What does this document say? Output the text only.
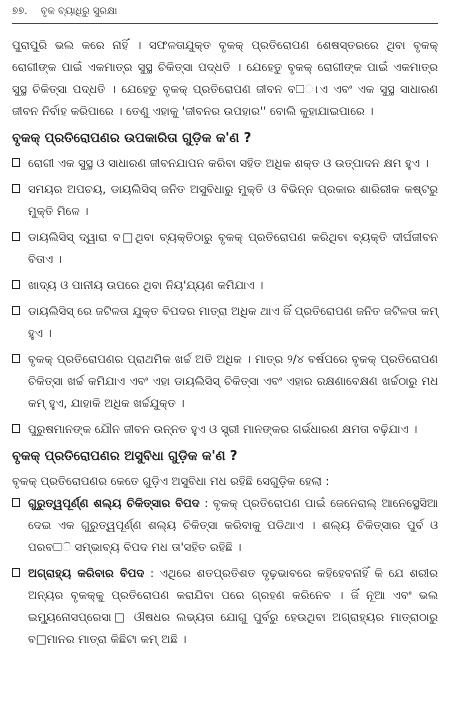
୭୭. ବୃକ ବ୍ୟାଧିରୁ ସୁରକ୍ଷା

ପୁରାପୁରି ଭଲ କରେ ନାହିଁ । ସଫଳତାଯୁକ୍ତ ବୃକକ୍ ପ୍ରତିରୋପଣ ଶେଷସ୍ତରରେ ଥିବା ବୃକକ୍ ରୋଗୀଙ୍କ ପାଇଁ ଏକମାତ୍ର ସୁସ୍ଥ ଚିକିତ୍ସା ପଦ୍ଧତି । ଯେହେତୁ ବୃକକ୍ ରୋଗୀଙ୍କ ପାଇଁ ଏକମାତ୍ର ସୁସ୍ଥ ଚିକିତ୍ସା ପଦ୍ଧତି । ଯେହେତୁ ବୃକକ୍ ପ୍ରତିରୋପଣ ଜୀବନ ବ□ାଏ ଏବଂ ଏକ ସୁସ୍ଥ ସାଧାରଣ ଜୀବନ ନିର୍ବାହ କରିପାରେ । ତେଣୁ ଏହାକୁ 'ଜୀବନର ଉପହାର'' ବୋଲି କୁହାଯାଇପାରେ ।

ବୃକକ୍ ପ୍ରତିରୋପଣର ଉପକାରିତା ଗୁଡ଼ିକ କ'ଣ ?
ରୋଗୀ ଏକ ସୁସ୍ଥ ଓ ସାଧାରଣ ଜୀବନଯାପନ କରିବା ସହିତ ଅଧିକ ଶକ୍ତ ଓ ଉତ୍ପାଦନ କ୍ଷମ ହୁଏ ।
ସମୟର ଅପଚୟ, ଡାୟଲିସିସ୍ ଜନିତ ଅସୁବିଧାରୁ ମୁକ୍ତି ଓ ବିଭିନ୍ନ ପ୍ରକାର ଶାରିରୀକ କଷ୍ଟରୁ ମୁକ୍ତି ମିଳେ ।
ଡାୟଲିସିସ୍ ଦ୍ୱାରା ବ□ଥିବା ବ୍ୟକ୍ତିଠାରୁ ବୃକକ୍ ପ୍ରତିରୋପଣ କରିଥିବା ବ୍ୟକ୍ତି ଦୀର୍ଘଜୀବନ ବିତାଏ ।
ଖାଦ୍ୟ ଓ ପାନୀୟ ଉପରେ ଥିବା ନିୟ'ଯ୍ୟଣ କମିଯାଏ ।
ଡାୟଲିସିସ୍ ରେ ଜଟିଳତା ଯୁକ୍ତ ବିପଦର ମାତ୍ରା ଅଧିକ ଥାଏ ଜିଁ ପ୍ରତିରୋପଣ ଜନିତ ଜଟିଳତା କମ୍ ହୁଏ ।
ବୃକକ୍ ପ୍ରତିରୋପଣର ପ୍ରାଥମିକ ଖର୍ଚ୍ଚ ଅତି ଅଧିକ । ମାତ୍ର ୨/୪ ବର୍ଷପରେ ବୃକକ୍ ପ୍ରତିରୋପଣ ଚିକିତ୍ସା ଖର୍ଚ୍ଚ କମିଯାଏ ଏବଂ ଏହା ଡାୟଲିସିସ୍ ଚିକିତ୍ସା ଏବଂ ଏହାର ରକ୍ଷଣାବେକ୍ଷଣ ଖର୍ଚ୍ଚଠାରୁ ମଧ କମ୍ ହୁଏ, ଯାହାକି ଅଧିକ ଖର୍ଚ୍ଚଯୁକ୍ତ ।
ପୁରୁଷମାନଙ୍କ ଯୌନ ଜୀବନ ଉନ୍ନତ ହୁଏ ଓ ସ୍ତ୍ରୀ ମାନଙ୍କର ଗର୍ଭଧାରଣ କ୍ଷମତା ବଢ଼ିଯାଏ ।
ବୃକକ୍ ପ୍ରତିରୋପଣର ଅସୁବିଧା ଗୁଡ଼ିକ କ'ଣ ?

ବୃକକ୍ ପ୍ରତିରୋପଣର କେତେ ଗୁଡ଼ିଏ ଅସୁବିଧା ମଧ ରହିଛି ସେଗୁଡ଼ିକ ହେଲା :

ଗୁରୁତ୍ୱପୂର୍ଣ୍ଣ ଶଲ୍ୟ ଚିକିତ୍ସାର ବିପଦ : ବୃକକ୍ ପ୍ରତିରୋପଣ ପାଇଁ ଜେନେରାଲ୍ ଆନେସ୍ଥେସିଆ ଦେଇ ଏକ ଗୁରୁତ୍ୱପୂର୍ଣ୍ଣ ଶଲ୍ୟ ଚିକିତ୍ସା କରିବାକୁ ପଡିଥାଏ । ଶଲ୍ୟ ଚିକିତ୍ସାର ପୁର୍ବ ଓ ପରବ□ି ସମ୍ଭାବ୍ୟ ବିପଦ ମଧ ତା'ସହିତ ରହିଛି ।
ଅଗ୍ରାହ୍ୟ କରିବାର ବିପଦ : ଏଥିରେ ଶତପ୍ରତିଶତ ଦୃଢ଼ଭାବରେ କହିହେବନାହିଁ କି ଯେ ଶରୀର ଅନ୍ୟର ବୃକକ୍କୁ ପ୍ରତିରୋପଣ କରାଯିବା ପରେ ଗ୍ରହଣ କରିନେବ । ଜିଁ ନୂଆ ଏବଂ ଭଲ ଇମ୍ୟୁନୋସପ୍ରେସା□ ଔଷଧର ଲଭ୍ୟତା ଯୋଗୁ ପୁର୍ବରୁ ହେଉଥିବା ଅଗ୍ରାହ୍ୟର ମାତ୍ରାଠାରୁ ବ□ମାନର ମାତ୍ରା କିଛିଟା କମ୍ ଅଛି ।
